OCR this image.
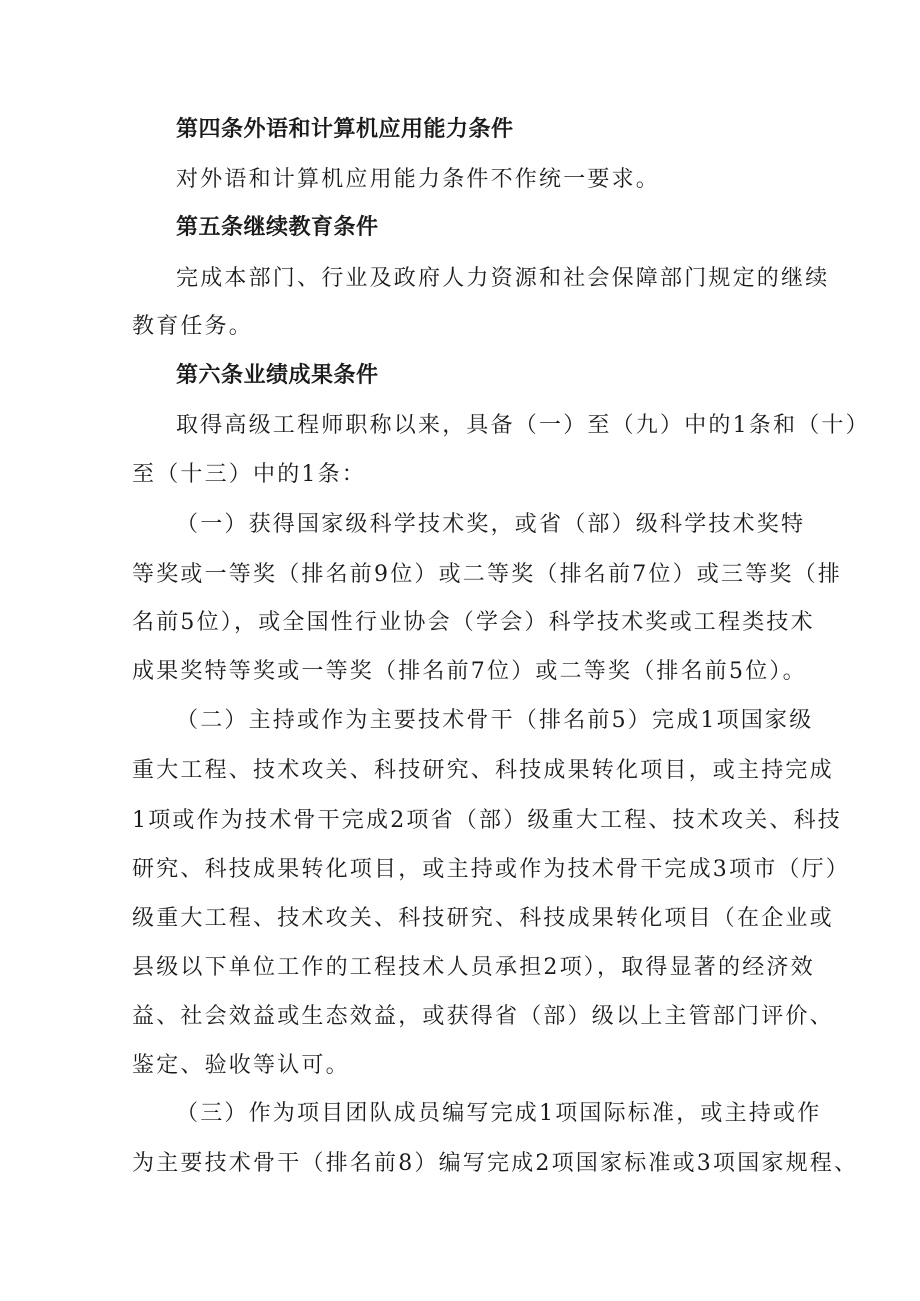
第四条外语和计算机应用能力条件
对外语和计算机应用能力条件不作统一要求。
第五条继续教育条件
完成本部门、行业及政府人力资源和社会保障部门规定的继续
教育任务。
第六条业绩成果条件
取得高级工程师职称以来，具备（一）至（九）中的1条和（十）
至（十三）中的1条：
（一）获得国家级科学技术奖，或省（部）级科学技术奖特
等奖或一等奖（排名前9位）或二等奖（排名前7位）或三等奖（排
名前5位），或全国性行业协会（学会）科学技术奖或工程类技术
成果奖特等奖或一等奖（排名前7位）或二等奖（排名前5位）。
（二）主持或作为主要技术骨干（排名前5）完成1项国家级
重大工程、技术攻关、科技研究、科技成果转化项目，或主持完成
1项或作为技术骨干完成2项省（部）级重大工程、技术攻关、科技
研究、科技成果转化项目，或主持或作为技术骨干完成3项市（厅）
级重大工程、技术攻关、科技研究、科技成果转化项目（在企业或
县级以下单位工作的工程技术人员承担2项），取得显著的经济效
益、社会效益或生态效益，或获得省（部）级以上主管部门评价、
鉴定、验收等认可。
（三）作为项目团队成员编写完成1项国际标准，或主持或作
为主要技术骨干（排名前8）编写完成2项国家标准或3项国家规程、
